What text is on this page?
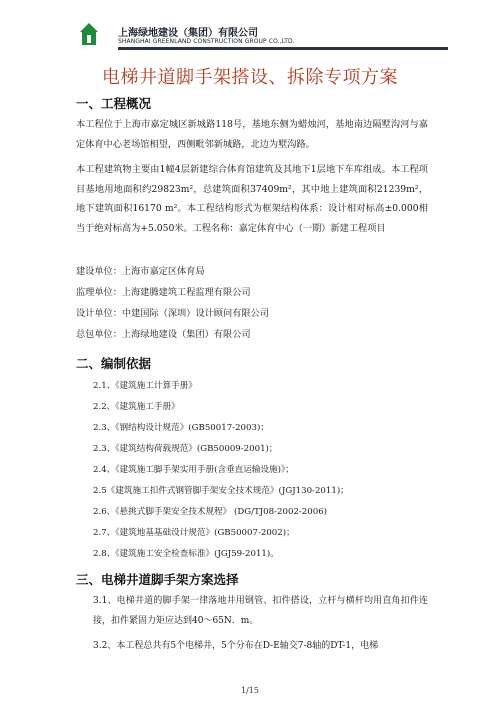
上海绿地建设（集团）有限公司
SHANGHAI GREENLAND CONSTRUCTION GROUP CO.,LTD.
电梯井道脚手架搭设、拆除专项方案
一、工程概况
本工程位于上海市嘉定城区新城路118号，基地东侧为蜡烛河，基地南边隔墅沟河与嘉定体育中心老场馆相望，西侧毗邻新城路，北边为墅沟路。
本工程建筑物主要由1幢4层新建综合体育馆建筑及其地下1层地下车库组成。本工程项目基地用地面积约29823m²，总建筑面积37409m²，其中地上建筑面积21239m²，地下建筑面积16170 m²。本工程结构形式为框架结构体系：设计相对标高±0.000相当于绝对标高为+5.050米。工程名称：嘉定体育中心（一期）新建工程项目
建设单位：上海市嘉定区体育局
监理单位：上海建腾建筑工程监理有限公司
设计单位：中建国际（深圳）设计顾问有限公司
总包单位：上海绿地建设（集团）有限公司
二、编制依据
2.1、《建筑施工计算手册》
2.2、《建筑施工手册》
2.3、《钢结构设计规范》(GB50017-2003)；
2.3、《建筑结构荷载规范》(GB50009-2001)；
2.4、《建筑施工脚手架实用手册(含垂直运输设施)》；
2.5《建筑施工扣件式钢管脚手架安全技术规范》(JGJ130-2011)；
2.6、《悬挑式脚手架安全技术规程》 (DG/TJ08-2002-2006)
2.7、《建筑地基基础设计规范》(GB50007-2002)；
2.8、《建筑施工安全检查标准》(JGJ59-2011)。
三、电梯井道脚手架方案选择
3.1、电梯井道的脚手架一律落地井用钢管、扣件搭设，立杆与横杆均用直角扣件连接，扣件紧固力矩应达到40～65N．m。
3.2、本工程总共有5个电梯井，5个分布在D-E轴交7-8轴的DT-1，电梯
1/15
